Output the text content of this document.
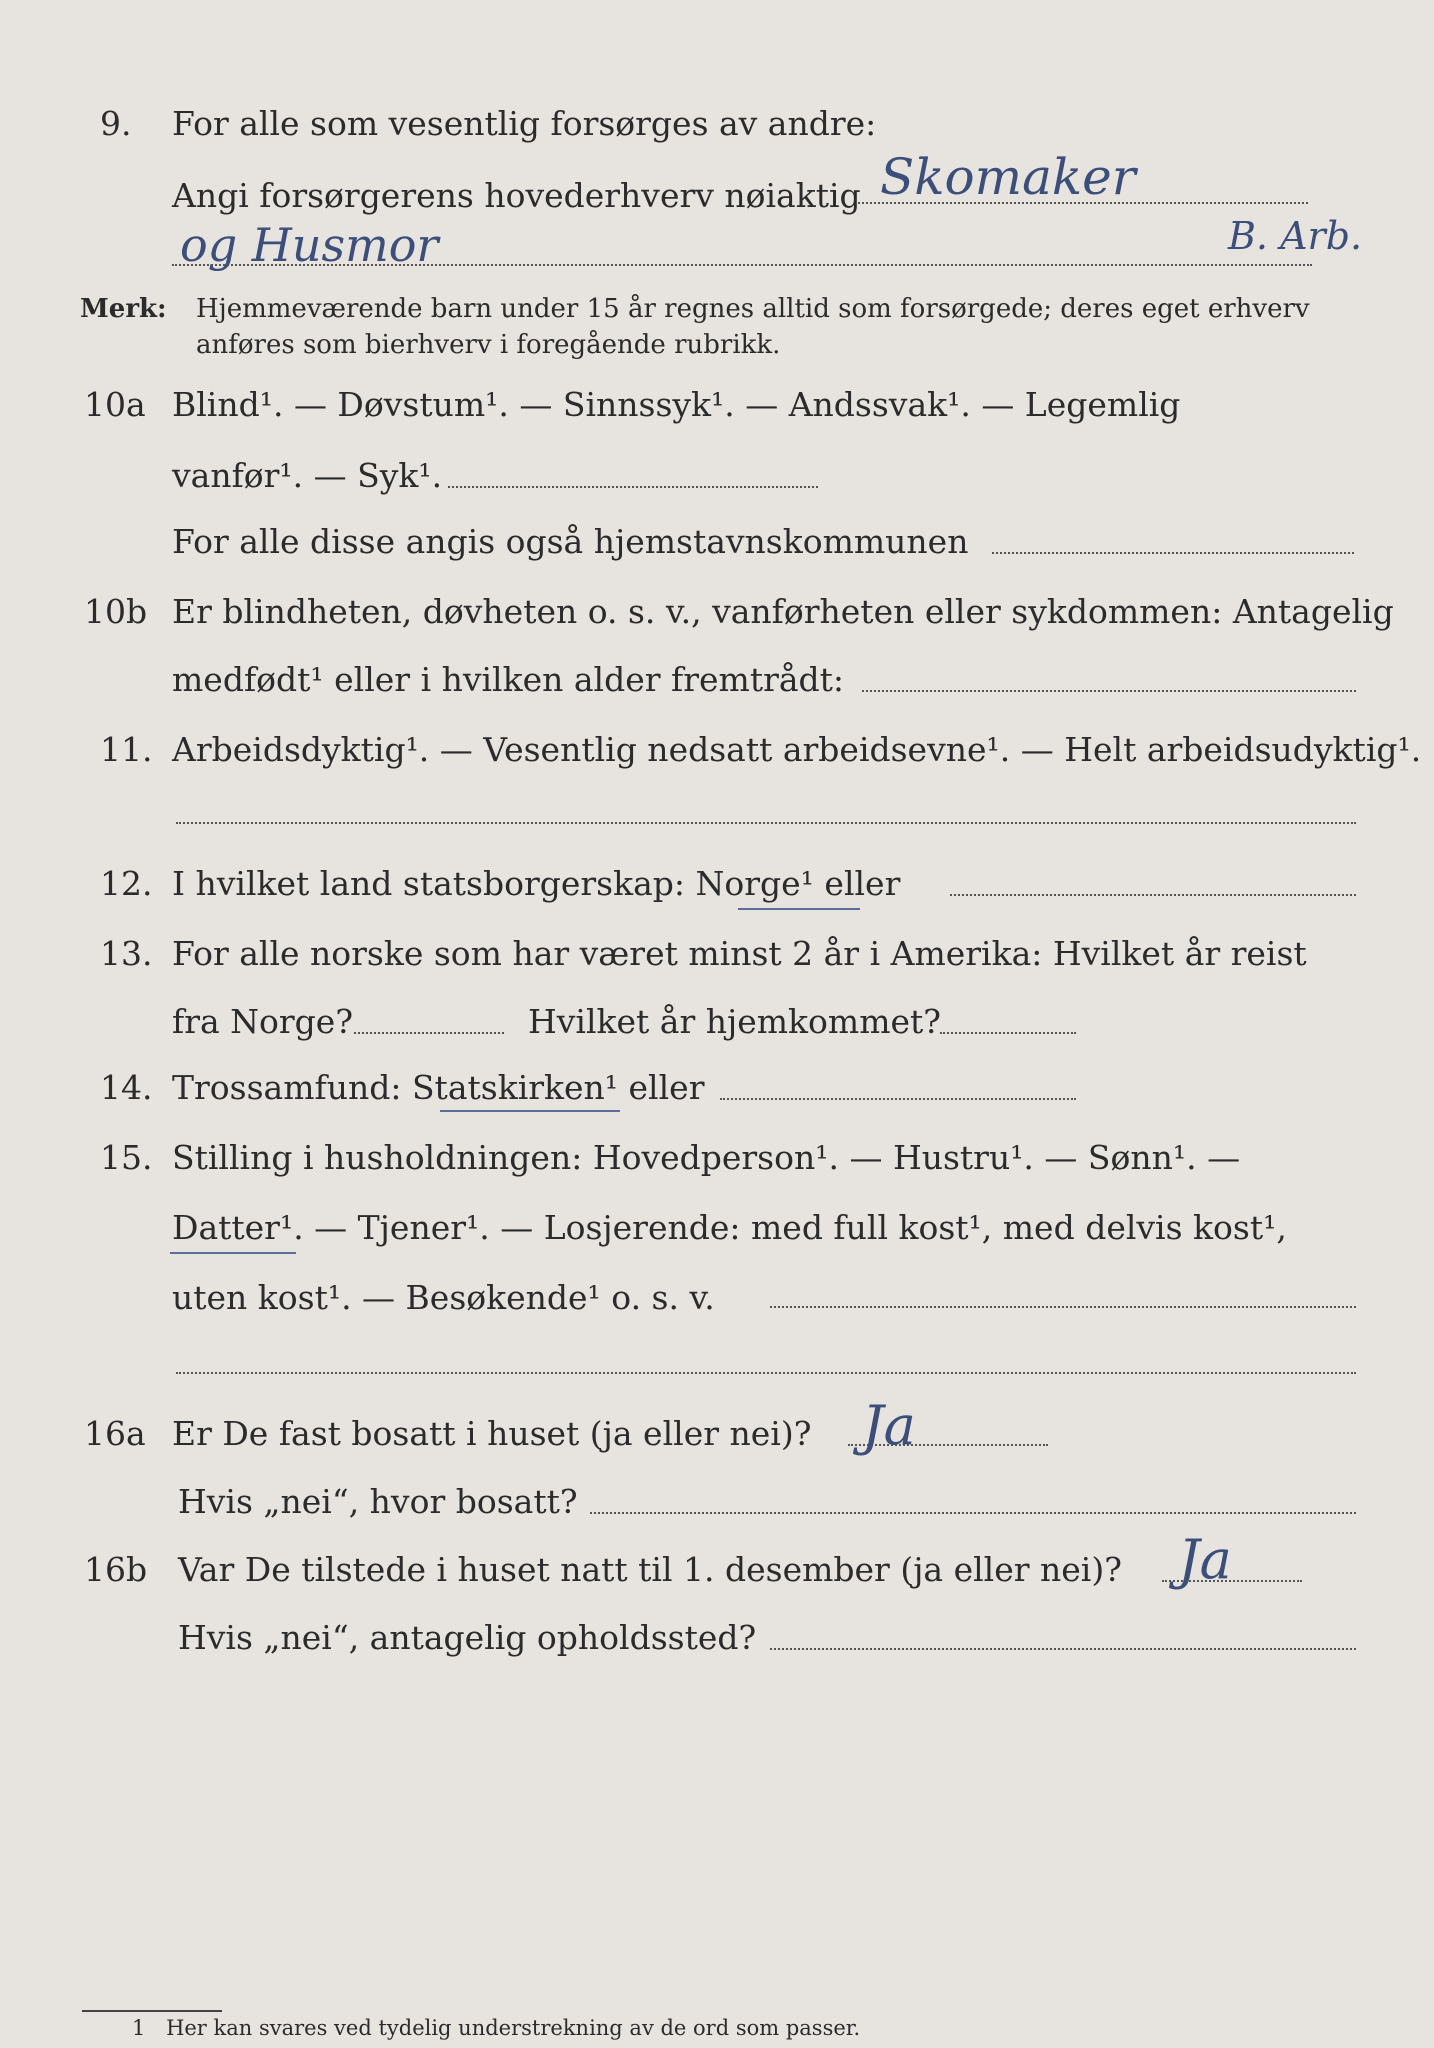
9. For alle som vesentlig forsørges av andre:
Angi forsørgerens hovederhverv nøiaktig Skomaker
og Husmor	B. Arb.
Merk: Hjemmeværende barn under 15 år regnes alltid som forsørgede; deres eget erhverv
anføres som bierhverv i foregående rubrikk.
10a Blind¹. — Døvstum¹. — Sinnssyk¹. — Andssvak¹. — Legemlig
vanfør¹. — Syk¹.
For alle disse angis også hjemstavnskommunen
10b Er blindheten, døvheten o. s. v., vanførheten eller sykdommen: Antagelig
medfødt¹ eller i hvilken alder fremtrådt:
11. Arbeidsdyktig¹. — Vesentlig nedsatt arbeidsevne¹. — Helt arbeidsudyktig¹.
12. I hvilket land statsborgerskap: Norge¹ eller
13. For alle norske som har været minst 2 år i Amerika: Hvilket år reist
fra Norge?	Hvilket år hjemkommet?
14. Trossamfund: Statskirken¹ eller
15. Stilling i husholdningen: Hovedperson¹. — Hustru¹. — Sønn¹. —
Datter¹. — Tjener¹. — Losjerende: med full kost¹, med delvis kost¹,
uten kost¹. — Besøkende¹ o. s. v.
16a Er De fast bosatt i huset (ja eller nei)? Ja
Hvis „nei“, hvor bosatt?
16b Var De tilstede i huset natt til 1. desember (ja eller nei)? Ja
Hvis „nei“, antagelig opholdssted?
1 Her kan svares ved tydelig understrekning av de ord som passer.
